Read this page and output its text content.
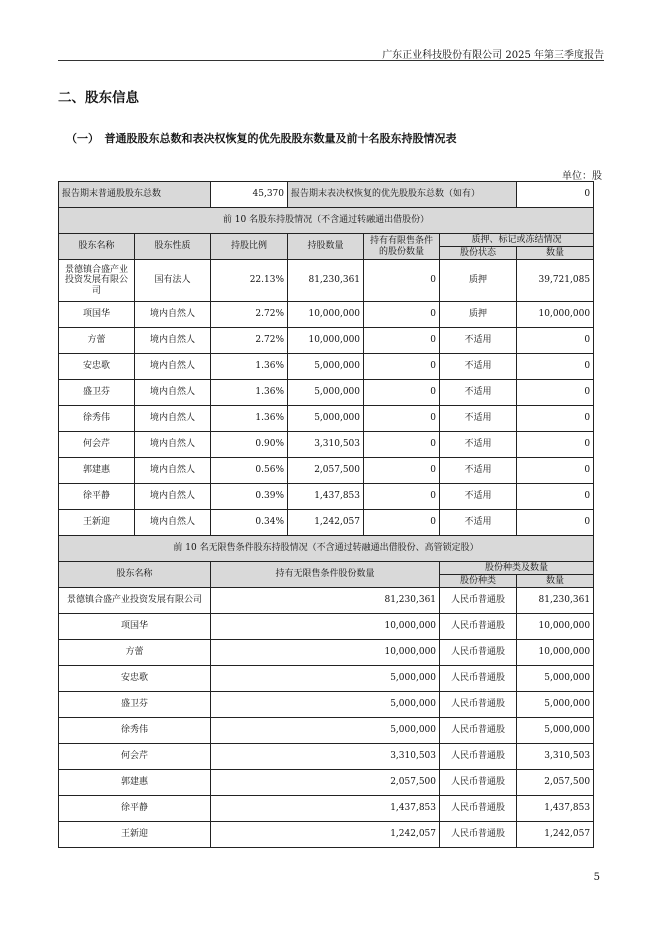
广东正业科技股份有限公司 2025 年第三季度报告
二、股东信息
（一）　普通股股东总数和表决权恢复的优先股股东数量及前十名股东持股情况表
单位：股
报告期末普通股股东总数		45,370	报告期末表决权恢复的优先股股东总数（如有）			0
前 10 名股东持股情况（不含通过转融通出借股份）						
股东名称	股东性质	持股比例	持股数量	持有有限售条件的股份数量	质押、标记或冻结情况	
					股份状态	数量
景德镇合盛产业投资发展有限公司	国有法人	22.13%	81,230,361	0	质押	39,721,085
项国华	境内自然人	2.72%	10,000,000	0	质押	10,000,000
方蕾	境内自然人	2.72%	10,000,000	0	不适用	0
安忠歌	境内自然人	1.36%	5,000,000	0	不适用	0
盛卫芬	境内自然人	1.36%	5,000,000	0	不适用	0
徐秀伟	境内自然人	1.36%	5,000,000	0	不适用	0
何会芹	境内自然人	0.90%	3,310,503	0	不适用	0
郭建惠	境内自然人	0.56%	2,057,500	0	不适用	0
徐平静	境内自然人	0.39%	1,437,853	0	不适用	0
王新迎	境内自然人	0.34%	1,242,057	0	不适用	0
前 10 名无限售条件股东持股情况（不含通过转融通出借股份、高管锁定股）						
股东名称		持有无限售条件股份数量			股份种类及数量	
					股份种类	数量
景德镇合盛产业投资发展有限公司		81,230,361			人民币普通股	81,230,361
项国华		10,000,000			人民币普通股	10,000,000
方蕾		10,000,000			人民币普通股	10,000,000
安忠歌		5,000,000			人民币普通股	5,000,000
盛卫芬		5,000,000			人民币普通股	5,000,000
徐秀伟		5,000,000			人民币普通股	5,000,000
何会芹		3,310,503			人民币普通股	3,310,503
郭建惠		2,057,500			人民币普通股	2,057,500
徐平静		1,437,853			人民币普通股	1,437,853
王新迎		1,242,057			人民币普通股	1,242,057
5
